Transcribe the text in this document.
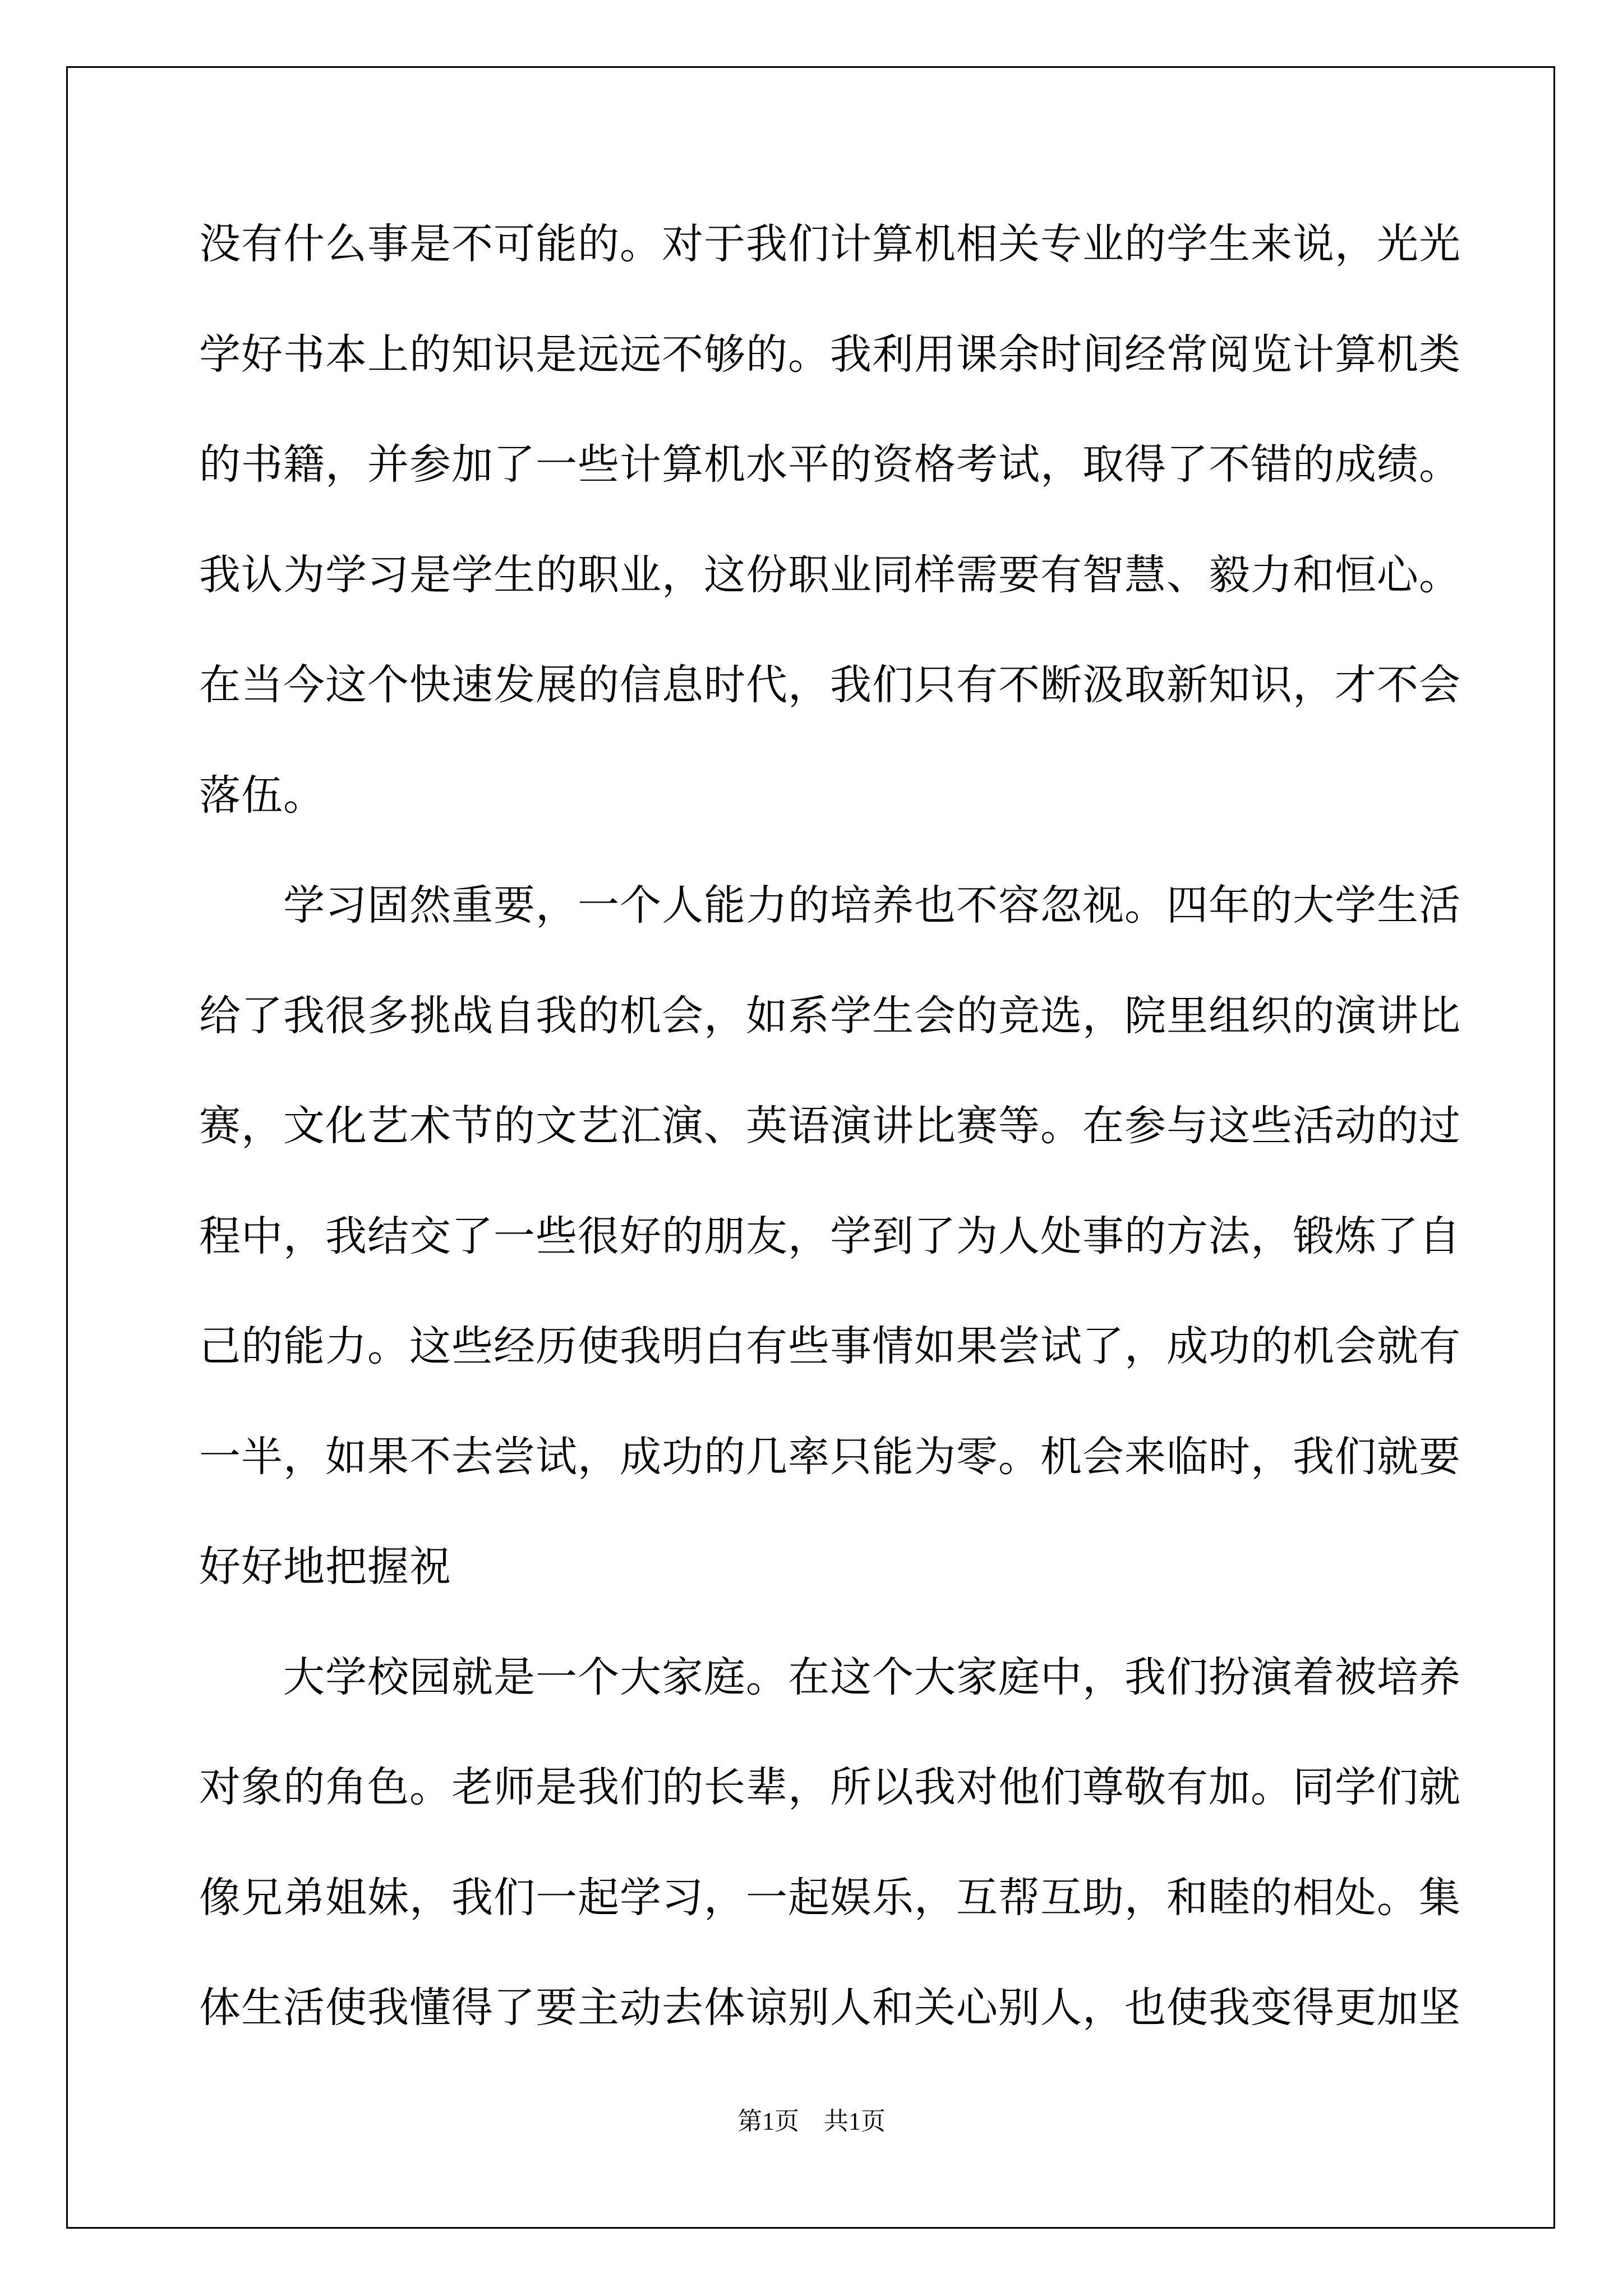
没有什么事是不可能的。对于我们计算机相关专业的学生来说，光光
学好书本上的知识是远远不够的。我利用课余时间经常阅览计算机类
的书籍，并参加了一些计算机水平的资格考试，取得了不错的成绩。
我认为学习是学生的职业，这份职业同样需要有智慧、毅力和恒心。
在当今这个快速发展的信息时代，我们只有不断汲取新知识，才不会
落伍。
　　学习固然重要，一个人能力的培养也不容忽视。四年的大学生活
给了我很多挑战自我的机会，如系学生会的竞选，院里组织的演讲比
赛，文化艺术节的文艺汇演、英语演讲比赛等。在参与这些活动的过
程中，我结交了一些很好的朋友，学到了为人处事的方法，锻炼了自
己的能力。这些经历使我明白有些事情如果尝试了，成功的机会就有
一半，如果不去尝试，成功的几率只能为零。机会来临时，我们就要
好好地把握祝
　　大学校园就是一个大家庭。在这个大家庭中，我们扮演着被培养
对象的角色。老师是我们的长辈，所以我对他们尊敬有加。同学们就
像兄弟姐妹，我们一起学习，一起娱乐，互帮互助，和睦的相处。集
体生活使我懂得了要主动去体谅别人和关心别人，也使我变得更加坚
第1页 共1页
